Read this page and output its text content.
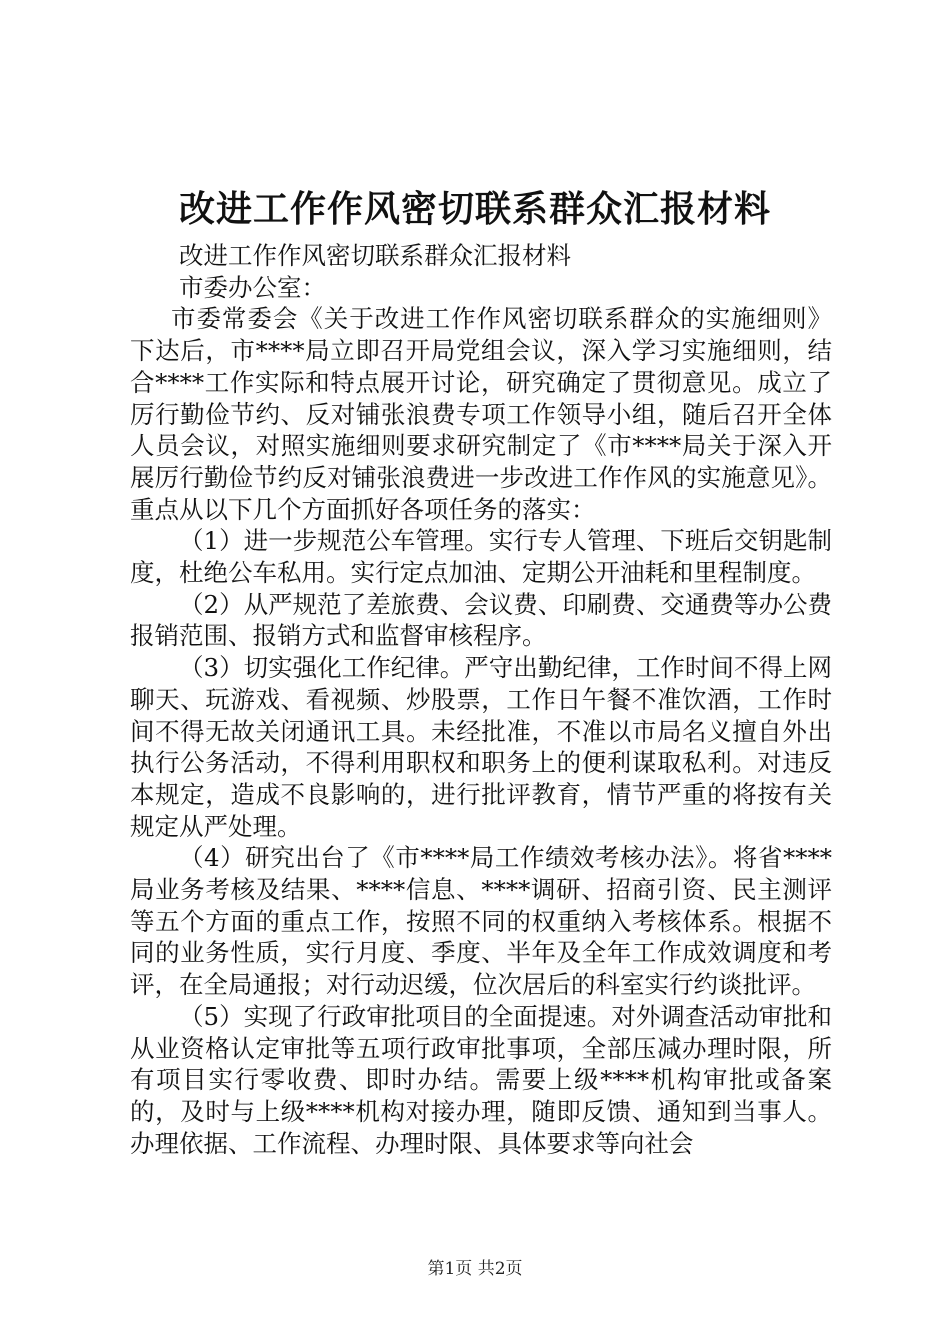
改进工作作风密切联系群众汇报材料

改进工作作风密切联系群众汇报材料

市委办公室：

市委常委会《关于改进工作作风密切联系群众的实施细则》下达后，市****局立即召开局党组会议，深入学习实施细则，结合****工作实际和特点展开讨论，研究确定了贯彻意见。成立了厉行勤俭节约、反对铺张浪费专项工作领导小组，随后召开全体人员会议，对照实施细则要求研究制定了《市****局关于深入开展厉行勤俭节约反对铺张浪费进一步改进工作作风的实施意见》。重点从以下几个方面抓好各项任务的落实：

（1）进一步规范公车管理。实行专人管理、下班后交钥匙制度，杜绝公车私用。实行定点加油、定期公开油耗和里程制度。

（2）从严规范了差旅费、会议费、印刷费、交通费等办公费报销范围、报销方式和监督审核程序。

（3）切实强化工作纪律。严守出勤纪律，工作时间不得上网聊天、玩游戏、看视频、炒股票，工作日午餐不准饮酒，工作时间不得无故关闭通讯工具。未经批准，不准以市局名义擅自外出执行公务活动，不得利用职权和职务上的便利谋取私利。对违反本规定，造成不良影响的，进行批评教育，情节严重的将按有关规定从严处理。

（4）研究出台了《市****局工作绩效考核办法》。将省****局业务考核及结果、****信息、****调研、招商引资、民主测评等五个方面的重点工作，按照不同的权重纳入考核体系。根据不同的业务性质，实行月度、季度、半年及全年工作成效调度和考评，在全局通报；对行动迟缓，位次居后的科室实行约谈批评。

（5）实现了行政审批项目的全面提速。对外调查活动审批和从业资格认定审批等五项行政审批事项，全部压减办理时限，所有项目实行零收费、即时办结。需要上级****机构审批或备案的，及时与上级****机构对接办理，随即反馈、通知到当事人。办理依据、工作流程、办理时限、具体要求等向社会

第1页 共2页
